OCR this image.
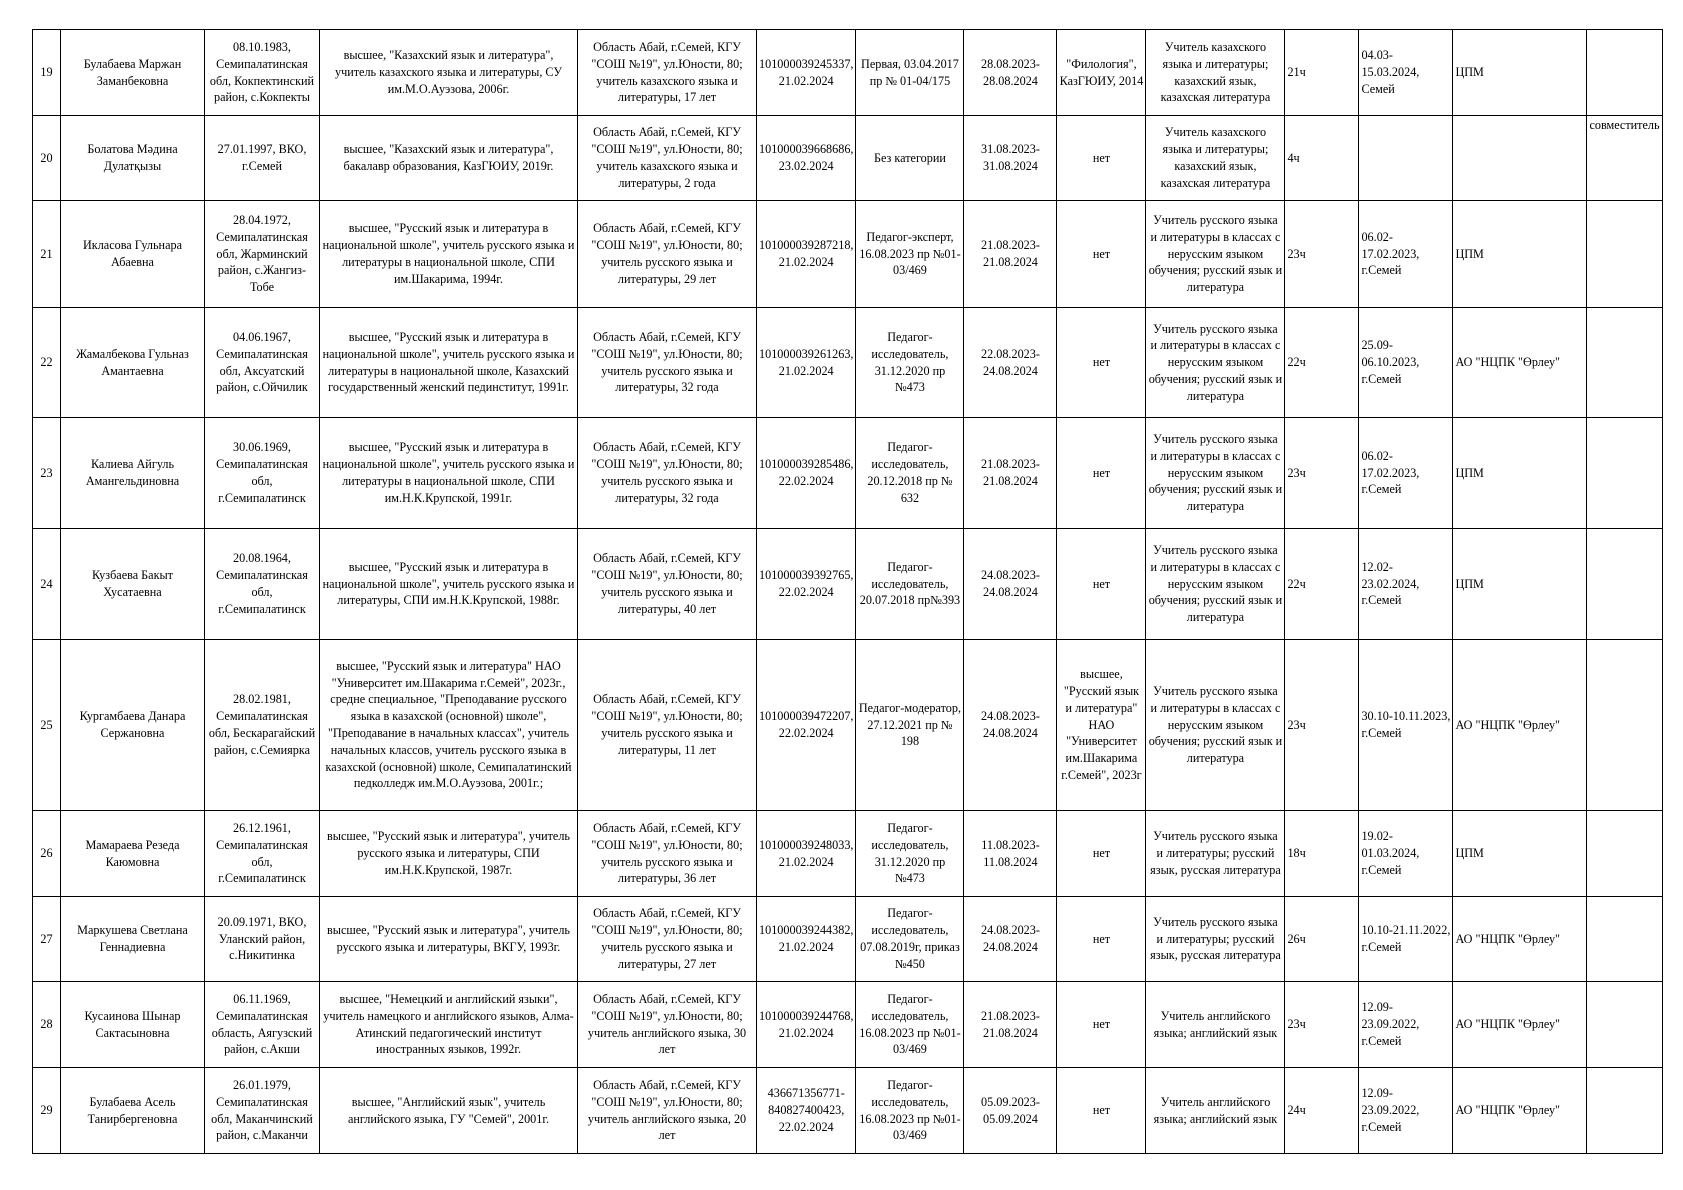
19	Булабаева Маржан Заманбековна	08.10.1983, Семипалатинская обл, Кокпектинский район, с.Кокпекты	высшее, "Казахский язык и литература", учитель казахского языка и литературы, СУ им.М.О.Ауэзова, 2006г.	Область Абай, г.Семей, КГУ "СОШ №19", ул.Юности, 80; учитель казахского языка и литературы, 17 лет	101000039245337, 21.02.2024	Первая, 03.04.2017 пр № 01-04/175	28.08.2023-28.08.2024	"Филология", КазГЮИУ, 2014	Учитель казахского языка и литературы; казахский язык, казахская литература	21ч	04.03-15.03.2024, Семей	ЦПМ	
20	Болатова Мәдина Дулатқызы	27.01.1997, ВКО, г.Семей	высшее, "Казахский язык и литература", бакалавр образования, КазГЮИУ, 2019г.	Область Абай, г.Семей, КГУ "СОШ №19", ул.Юности, 80; учитель казахского языка и литературы, 2 года	101000039668686, 23.02.2024	Без категории	31.08.2023-31.08.2024	нет	Учитель казахского языка и литературы; казахский язык, казахская литература	4ч			совместитель
21	Икласова Гульнара Абаевна	28.04.1972, Семипалатинская обл, Жарминский район, с.Жангиз-Тобе	высшее, "Русский язык и литература в национальной школе", учитель русского языка и литературы в национальной школе, СПИ им.Шакарима, 1994г.	Область Абай, г.Семей, КГУ "СОШ №19", ул.Юности, 80; учитель русского языка и литературы, 29 лет	101000039287218, 21.02.2024	Педагог-эксперт, 16.08.2023 пр №01-03/469	21.08.2023-21.08.2024	нет	Учитель русского языка и литературы в классах с нерусским языком обучения; русский язык и литература	23ч	06.02-17.02.2023, г.Семей	ЦПМ	
22	Жамалбекова Гульназ Амантаевна	04.06.1967, Семипалатинская обл, Аксуатский район, с.Ойчилик	высшее, "Русский язык и литература в национальной школе", учитель русского языка и литературы в национальной школе, Казахский государственный женский пединститут, 1991г.	Область Абай, г.Семей, КГУ "СОШ №19", ул.Юности, 80; учитель русского языка и литературы, 32 года	101000039261263, 21.02.2024	Педагог-исследователь, 31.12.2020 пр №473	22.08.2023-24.08.2024	нет	Учитель русского языка и литературы в классах с нерусским языком обучения; русский язык и литература	22ч	25.09-06.10.2023, г.Семей	АО "НЦПК "Өрлеу"	
23	Калиева Айгуль Амангельдиновна	30.06.1969, Семипалатинская обл, г.Семипалатинск	высшее, "Русский язык и литература в национальной школе", учитель русского языка и литературы в национальной школе, СПИ им.Н.К.Крупской, 1991г.	Область Абай, г.Семей, КГУ "СОШ №19", ул.Юности, 80; учитель русского языка и литературы, 32 года	101000039285486, 22.02.2024	Педагог-исследователь, 20.12.2018 пр № 632	21.08.2023-21.08.2024	нет	Учитель русского языка и литературы в классах с нерусским языком обучения; русский язык и литература	23ч	06.02-17.02.2023, г.Семей	ЦПМ	
24	Кузбаева Бакыт Хусатаевна	20.08.1964, Семипалатинская обл, г.Семипалатинск	высшее, "Русский язык и литература в национальной школе", учитель русского языка и литературы, СПИ им.Н.К.Крупской, 1988г.	Область Абай, г.Семей, КГУ "СОШ №19", ул.Юности, 80; учитель русского языка и литературы, 40 лет	101000039392765, 22.02.2024	Педагог-исследователь, 20.07.2018 пр№393	24.08.2023-24.08.2024	нет	Учитель русского языка и литературы в классах с нерусским языком обучения; русский язык и литература	22ч	12.02-23.02.2024, г.Семей	ЦПМ	
25	Кургамбаева Данара Сержановна	28.02.1981, Семипалатинская обл, Бескарагайский район, с.Семиярка	высшее, "Русский язык и литература" НАО "Университет им.Шакарима г.Семей", 2023г., средне специальное, "Преподавание русского языка в казахской (основной) школе", "Преподавание в начальных классах", учитель начальных классов, учитель русского языка в казахской (основной) школе, Семипалатинский педколледж им.М.О.Ауэзова, 2001г.;	Область Абай, г.Семей, КГУ "СОШ №19", ул.Юности, 80; учитель русского языка и литературы, 11 лет	101000039472207, 22.02.2024	Педагог-модератор, 27.12.2021 пр № 198	24.08.2023-24.08.2024	высшее, "Русский язык и литература" НАО "Университет им.Шакарима г.Семей", 2023г	Учитель русского языка и литературы в классах с нерусским языком обучения; русский язык и литература	23ч	30.10-10.11.2023, г.Семей	АО "НЦПК "Өрлеу"	
26	Мамараева Резеда Каюмовна	26.12.1961, Семипалатинская обл, г.Семипалатинск	высшее, "Русский язык и литература", учитель русского языка и литературы, СПИ им.Н.К.Крупской, 1987г.	Область Абай, г.Семей, КГУ "СОШ №19", ул.Юности, 80; учитель русского языка и литературы, 36 лет	101000039248033, 21.02.2024	Педагог-исследователь, 31.12.2020 пр №473	11.08.2023-11.08.2024	нет	Учитель русского языка и литературы; русский язык, русская литература	18ч	19.02-01.03.2024, г.Семей	ЦПМ	
27	Маркушева Светлана Геннадиевна	20.09.1971, ВКО, Уланский район, с.Никитинка	высшее, "Русский язык и литература", учитель русского языка и литературы, ВКГУ, 1993г.	Область Абай, г.Семей, КГУ "СОШ №19", ул.Юности, 80; учитель русского языка и литературы, 27 лет	101000039244382, 21.02.2024	Педагог-исследователь, 07.08.2019г, приказ №450	24.08.2023-24.08.2024	нет	Учитель русского языка и литературы; русский язык, русская литература	26ч	10.10-21.11.2022, г.Семей	АО "НЦПК "Өрлеу"	
28	Кусаинова Шынар Сактасыновна	06.11.1969, Семипалатинская область, Аягузский район, с.Акши	высшее, "Немецкий и английский языки", учитель намецкого и английского языков, Алма-Атинский педагогический институт иностранных языков, 1992г.	Область Абай, г.Семей, КГУ "СОШ №19", ул.Юности, 80; учитель английского языка, 30 лет	101000039244768, 21.02.2024	Педагог-исследователь, 16.08.2023 пр №01-03/469	21.08.2023-21.08.2024	нет	Учитель английского языка; английский язык	23ч	12.09-23.09.2022, г.Семей	АО "НЦПК "Өрлеу"	
29	Булабаева Асель Танирбергеновна	26.01.1979, Семипалатинская обл, Маканчинский район, с.Маканчи	высшее, "Английский язык", учитель английского языка, ГУ "Семей", 2001г.	Область Абай, г.Семей, КГУ "СОШ №19", ул.Юности, 80; учитель английского языка, 20 лет	436671356771-840827400423, 22.02.2024	Педагог-исследователь, 16.08.2023 пр №01-03/469	05.09.2023-05.09.2024	нет	Учитель английского языка; английский язык	24ч	12.09-23.09.2022, г.Семей	АО "НЦПК "Өрлеу"	
